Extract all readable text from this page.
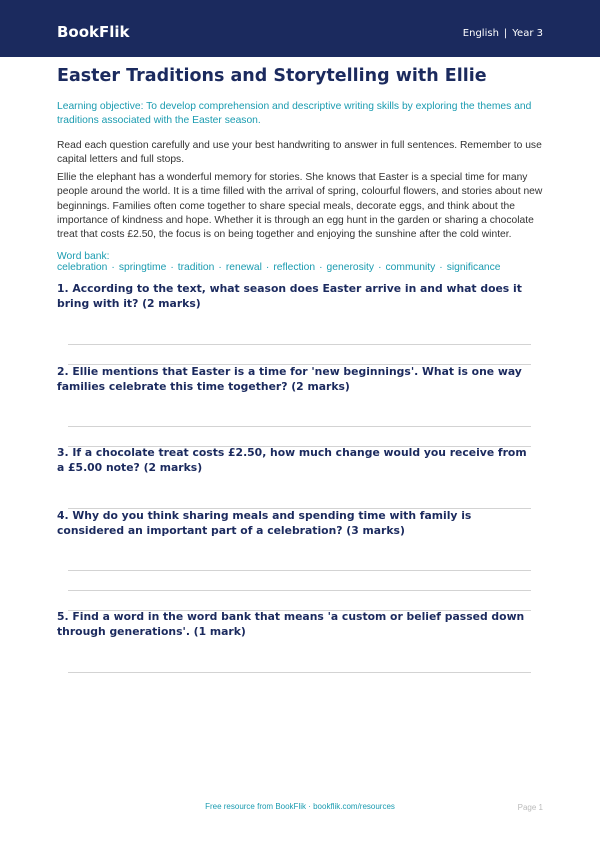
BookFlik	English | Year 3
Easter Traditions and Storytelling with Ellie
Learning objective: To develop comprehension and descriptive writing skills by exploring the themes and traditions associated with the Easter season.
Read each question carefully and use your best handwriting to answer in full sentences. Remember to use capital letters and full stops.
Ellie the elephant has a wonderful memory for stories. She knows that Easter is a special time for many people around the world. It is a time filled with the arrival of spring, colourful flowers, and stories about new beginnings. Families often come together to share special meals, decorate eggs, and think about the importance of kindness and hope. Whether it is through an egg hunt in the garden or sharing a chocolate treat that costs £2.50, the focus is on being together and enjoying the sunshine after the cold winter.
Word bank: celebration · springtime · tradition · renewal · reflection · generosity · community · significance
1. According to the text, what season does Easter arrive in and what does it bring with it? (2 marks)
2. Ellie mentions that Easter is a time for 'new beginnings'. What is one way families celebrate this time together? (2 marks)
3. If a chocolate treat costs £2.50, how much change would you receive from a £5.00 note? (2 marks)
4. Why do you think sharing meals and spending time with family is considered an important part of a celebration? (3 marks)
5. Find a word in the word bank that means 'a custom or belief passed down through generations'. (1 mark)
Free resource from BookFlik · bookflik.com/resources	Page 1
